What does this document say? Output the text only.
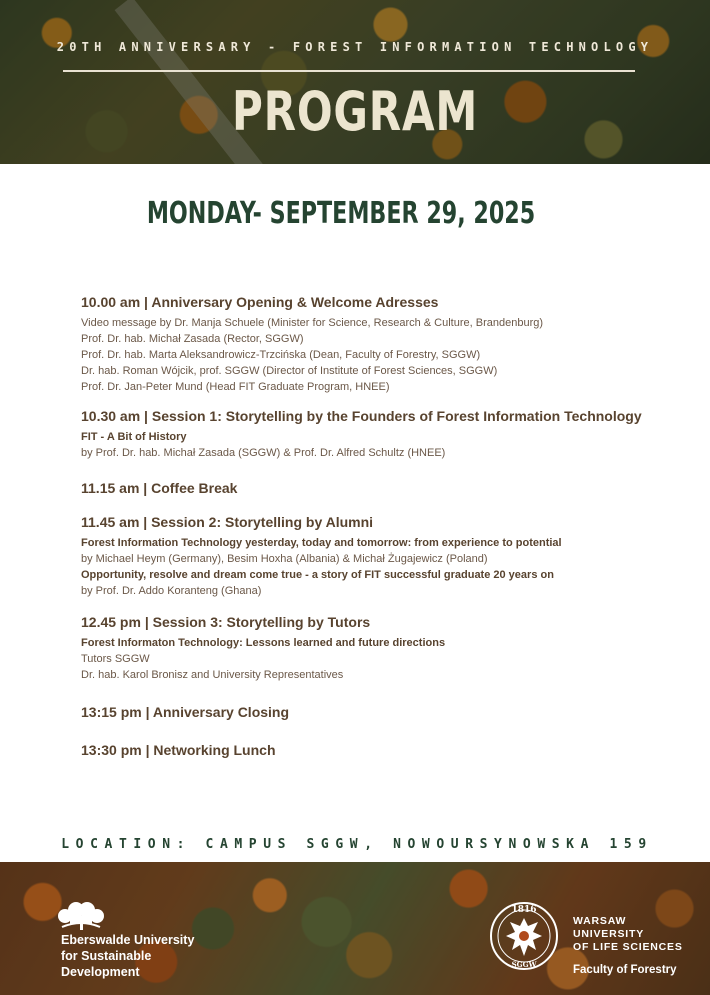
20TH ANNIVERSARY - FOREST INFORMATION TECHNOLOGY
PROGRAM
MONDAY- SEPTEMBER 29, 2025
10.00 am | Anniversary Opening & Welcome Adresses
Video message by Dr. Manja Schuele (Minister for Science, Research & Culture, Brandenburg)
Prof. Dr. hab. Michał Zasada (Rector, SGGW)
Prof. Dr. hab. Marta Aleksandrowicz-Trzcińska (Dean, Faculty of Forestry, SGGW)
Dr. hab. Roman Wójcik, prof. SGGW (Director of Institute of Forest Sciences, SGGW)
Prof. Dr. Jan-Peter Mund (Head FIT Graduate Program, HNEE)
10.30 am | Session 1: Storytelling by the Founders of Forest Information Technology
FIT - A Bit of History
by Prof. Dr. hab. Michał Zasada (SGGW) & Prof. Dr. Alfred Schultz (HNEE)
11.15 am | Coffee Break
11.45 am | Session 2: Storytelling by Alumni
Forest Information Technology yesterday, today and tomorrow: from experience to potential
by Michael Heym (Germany), Besim Hoxha (Albania) & Michał Żugajewicz (Poland)
Opportunity, resolve and dream come true - a story of FIT successful graduate 20 years on
by Prof. Dr. Addo Koranteng (Ghana)
12.45 pm | Session 3: Storytelling by Tutors
Forest Informaton Technology: Lessons learned and future directions
Tutors SGGW
Dr. hab. Karol Bronisz and University Representatives
13:15 pm | Anniversary Closing
13:30 pm | Networking Lunch
LOCATION: CAMPUS SGGW, NOWOURSYNOWSKA 159
Eberswalde University
for Sustainable
Development
1816
SGGW
WARSAW
UNIVERSITY
OF LIFE SCIENCES
Faculty of Forestry
